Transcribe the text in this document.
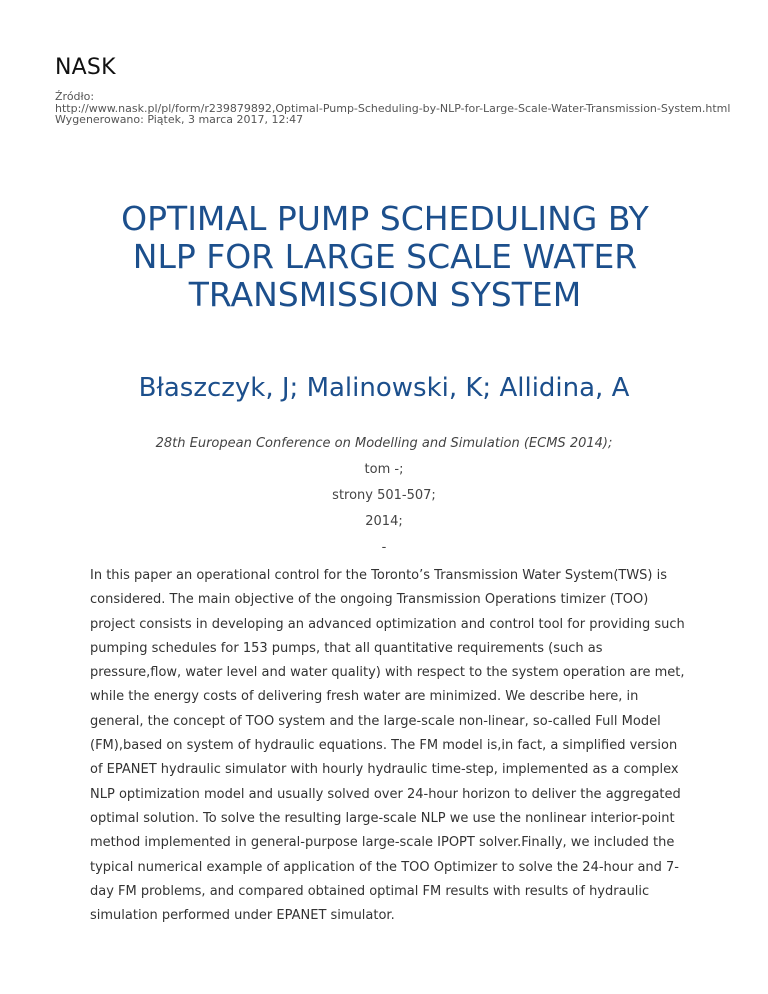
NASK
Źródło:
http://www.nask.pl/pl/form/r239879892,Optimal-Pump-Scheduling-by-NLP-for-Large-Scale-Water-Transmission-System.html
Wygenerowano: Piątek, 3 marca 2017, 12:47
OPTIMAL PUMP SCHEDULING BY NLP FOR LARGE SCALE WATER TRANSMISSION SYSTEM
Błaszczyk, J; Malinowski, K; Allidina, A
28th European Conference on Modelling and Simulation (ECMS 2014);
tom -;
strony 501-507;
2014;
-
In this paper an operational control for the Toronto’s Transmission Water System(TWS) is considered. The main objective of the ongoing Transmission Operations timizer (TOO) project consists in developing an advanced optimization and control tool for providing such pumping schedules for 153 pumps, that all quantitative requirements (such as pressure,flow, water level and water quality) with respect to the system operation are met, while the energy costs of delivering fresh water are minimized. We describe here, in general, the concept of TOO system and the large-scale non-linear, so-called Full Model (FM),based on system of hydraulic equations. The FM model is,in fact, a simplified version of EPANET hydraulic simulator with hourly hydraulic time-step, implemented as a complex NLP optimization model and usually solved over 24-hour horizon to deliver the aggregated optimal solution. To solve the resulting large-scale NLP we use the nonlinear interior-point method implemented in general-purpose large-scale IPOPT solver.Finally, we included the typical numerical example of application of the TOO Optimizer to solve the 24-hour and 7-day FM problems, and compared obtained optimal FM results with results of hydraulic simulation performed under EPANET simulator.
